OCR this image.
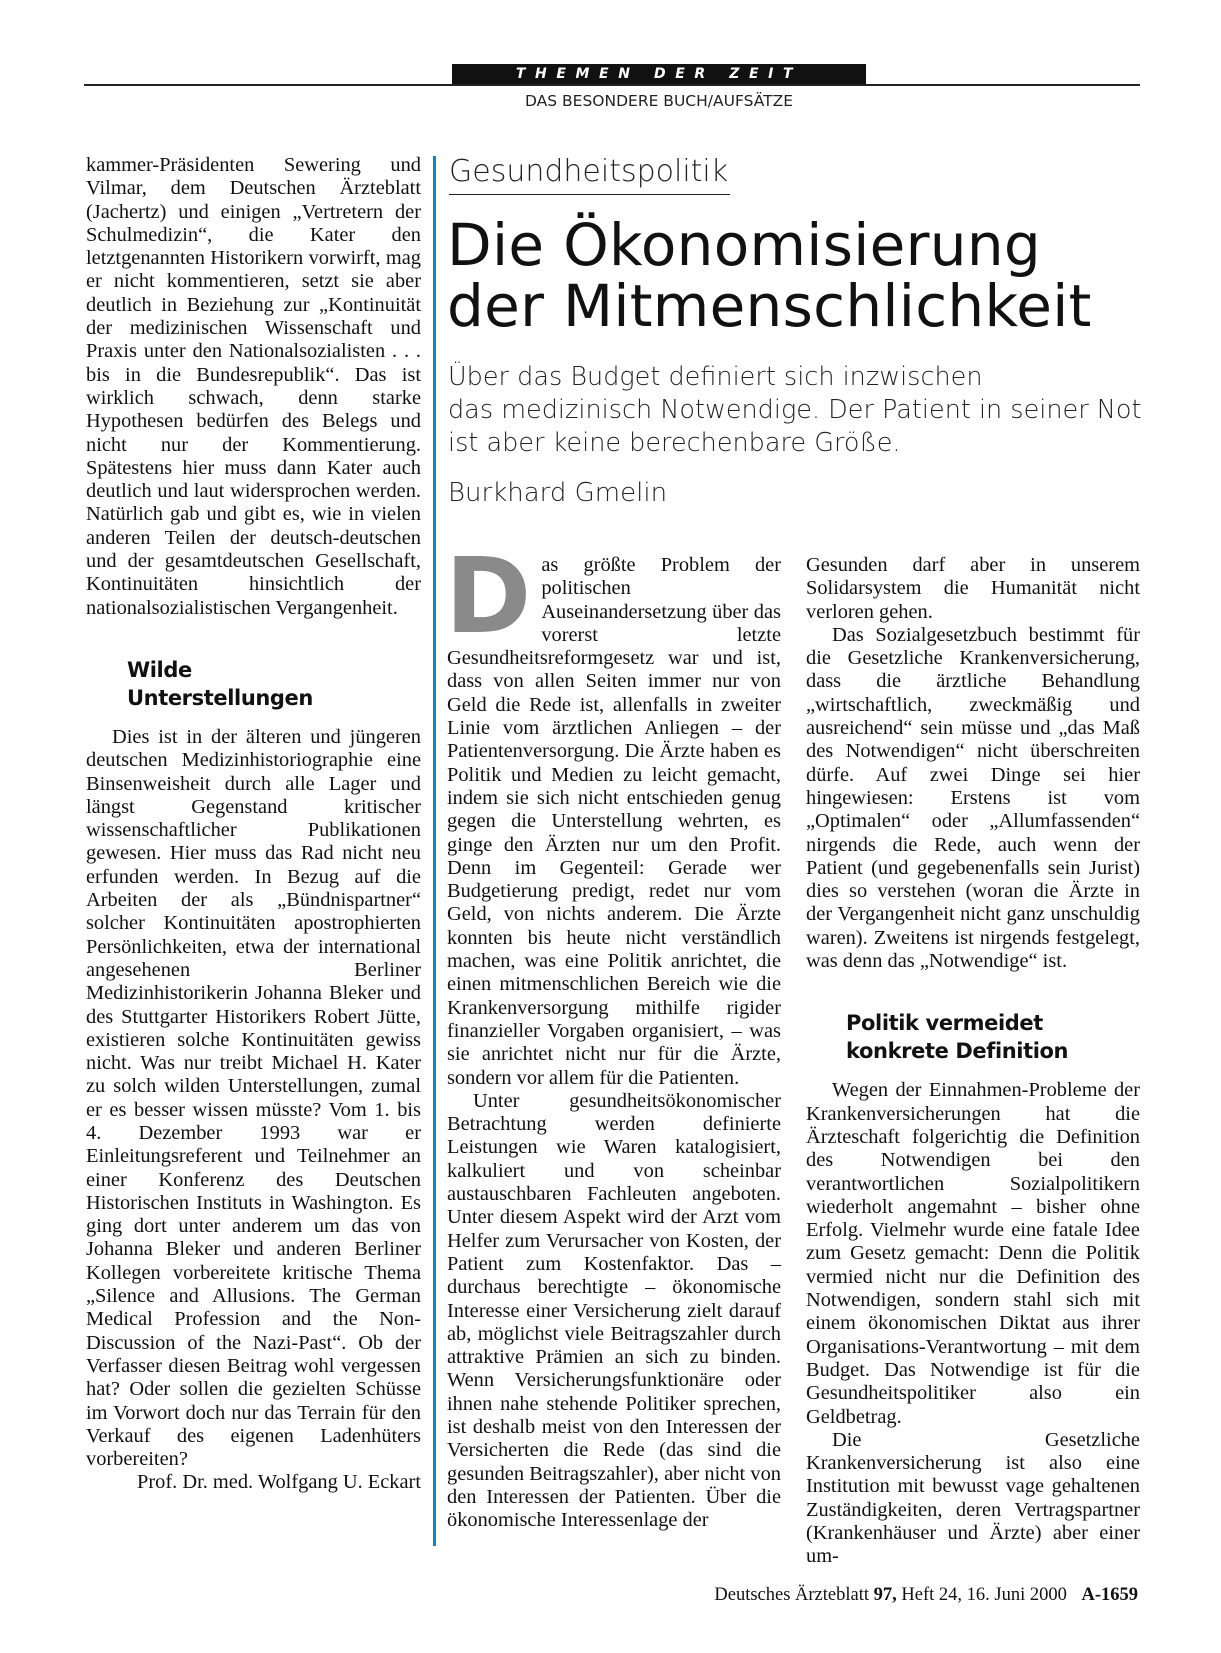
THEMEN DER ZEIT
DAS BESONDERE BUCH/AUFSÄTZE

kammer-Präsidenten Sewering und Vilmar, dem Deutschen Ärzteblatt (Jachertz) und einigen „Vertretern der Schulmedizin“, die Kater den letztgenannten Historikern vorwirft, mag er nicht kommentieren, setzt sie aber deutlich in Beziehung zur „Kontinuität der medizinischen Wissenschaft und Praxis unter den Nationalsozialisten . . . bis in die Bundesrepublik“. Das ist wirklich schwach, denn starke Hypothesen bedürfen des Belegs und nicht nur der Kommentierung. Spätestens hier muss dann Kater auch deutlich und laut widersprochen werden. Natürlich gab und gibt es, wie in vielen anderen Teilen der deutsch-deutschen und der gesamtdeutschen Gesellschaft, Kontinuitäten hinsichtlich der nationalsozialistischen Vergangenheit.

Wilde
Unterstellungen

Dies ist in der älteren und jüngeren deutschen Medizinhistoriographie eine Binsenweisheit durch alle Lager und längst Gegenstand kritischer wissenschaftlicher Publikationen gewesen. Hier muss das Rad nicht neu erfunden werden. In Bezug auf die Arbeiten der als „Bündnispartner“ solcher Kontinuitäten apostrophierten Persönlichkeiten, etwa der international angesehenen Berliner Medizinhistorikerin Johanna Bleker und des Stuttgarter Historikers Robert Jütte, existieren solche Kontinuitäten gewiss nicht. Was nur treibt Michael H. Kater zu solch wilden Unterstellungen, zumal er es besser wissen müsste? Vom 1. bis 4. Dezember 1993 war er Einleitungsreferent und Teilnehmer an einer Konferenz des Deutschen Historischen Instituts in Washington. Es ging dort unter anderem um das von Johanna Bleker und anderen Berliner Kollegen vorbereitete kritische Thema „Silence and Allusions. The German Medical Profession and the Non-Discussion of the Nazi-Past“. Ob der Verfasser diesen Beitrag wohl vergessen hat? Oder sollen die gezielten Schüsse im Vorwort doch nur das Terrain für den Verkauf des eigenen Ladenhüters vorbereiten?

Prof. Dr. med. Wolfgang U. Eckart

Gesundheitspolitik
Die Ökonomisierung
der Mitmenschlichkeit
Über das Budget definiert sich inzwischen
das medizinisch Notwendige. Der Patient in seiner Not
ist aber keine berechenbare Größe.
Burkhard Gmelin

Das größte Problem der politischen Auseinandersetzung über das vorerst letzte Gesundheitsreformgesetz war und ist, dass von allen Seiten immer nur von Geld die Rede ist, allenfalls in zweiter Linie vom ärztlichen Anliegen – der Patientenversorgung. Die Ärzte haben es Politik und Medien zu leicht gemacht, indem sie sich nicht entschieden genug gegen die Unterstellung wehrten, es ginge den Ärzten nur um den Profit. Denn im Gegenteil: Gerade wer Budgetierung predigt, redet nur vom Geld, von nichts anderem. Die Ärzte konnten bis heute nicht verständlich machen, was eine Politik anrichtet, die einen mitmenschlichen Bereich wie die Krankenversorgung mithilfe rigider finanzieller Vorgaben organisiert, – was sie anrichtet nicht nur für die Ärzte, sondern vor allem für die Patienten.

Unter gesundheitsökonomischer Betrachtung werden definierte Leistungen wie Waren katalogisiert, kalkuliert und von scheinbar austauschbaren Fachleuten angeboten. Unter diesem Aspekt wird der Arzt vom Helfer zum Verursacher von Kosten, der Patient zum Kostenfaktor. Das – durchaus berechtigte – ökonomische Interesse einer Versicherung zielt darauf ab, möglichst viele Beitragszahler durch attraktive Prämien an sich zu binden. Wenn Versicherungsfunktionäre oder ihnen nahe stehende Politiker sprechen, ist deshalb meist von den Interessen der Versicherten die Rede (das sind die gesunden Beitragszahler), aber nicht von den Interessen der Patienten. Über die ökonomische Interessenlage der

Gesunden darf aber in unserem Solidarsystem die Humanität nicht verloren gehen.

Das Sozialgesetzbuch bestimmt für die Gesetzliche Krankenversicherung, dass die ärztliche Behandlung „wirtschaftlich, zweckmäßig und ausreichend“ sein müsse und „das Maß des Notwendigen“ nicht überschreiten dürfe. Auf zwei Dinge sei hier hingewiesen: Erstens ist vom „Optimalen“ oder „Allumfassenden“ nirgends die Rede, auch wenn der Patient (und gegebenenfalls sein Jurist) dies so verstehen (woran die Ärzte in der Vergangenheit nicht ganz unschuldig waren). Zweitens ist nirgends festgelegt, was denn das „Notwendige“ ist.

Politik vermeidet
konkrete Definition

Wegen der Einnahmen-Probleme der Krankenversicherungen hat die Ärzteschaft folgerichtig die Definition des Notwendigen bei den verantwortlichen Sozialpolitikern wiederholt angemahnt – bisher ohne Erfolg. Vielmehr wurde eine fatale Idee zum Gesetz gemacht: Denn die Politik vermied nicht nur die Definition des Notwendigen, sondern stahl sich mit einem ökonomischen Diktat aus ihrer Organisations-Verantwortung – mit dem Budget. Das Notwendige ist für die Gesundheitspolitiker also ein Geldbetrag.

Die Gesetzliche Krankenversicherung ist also eine Institution mit bewusst vage gehaltenen Zuständigkeiten, deren Vertragspartner (Krankenhäuser und Ärzte) aber einer um-

Deutsches Ärzteblatt 97, Heft 24, 16. Juni 2000 A-1659
